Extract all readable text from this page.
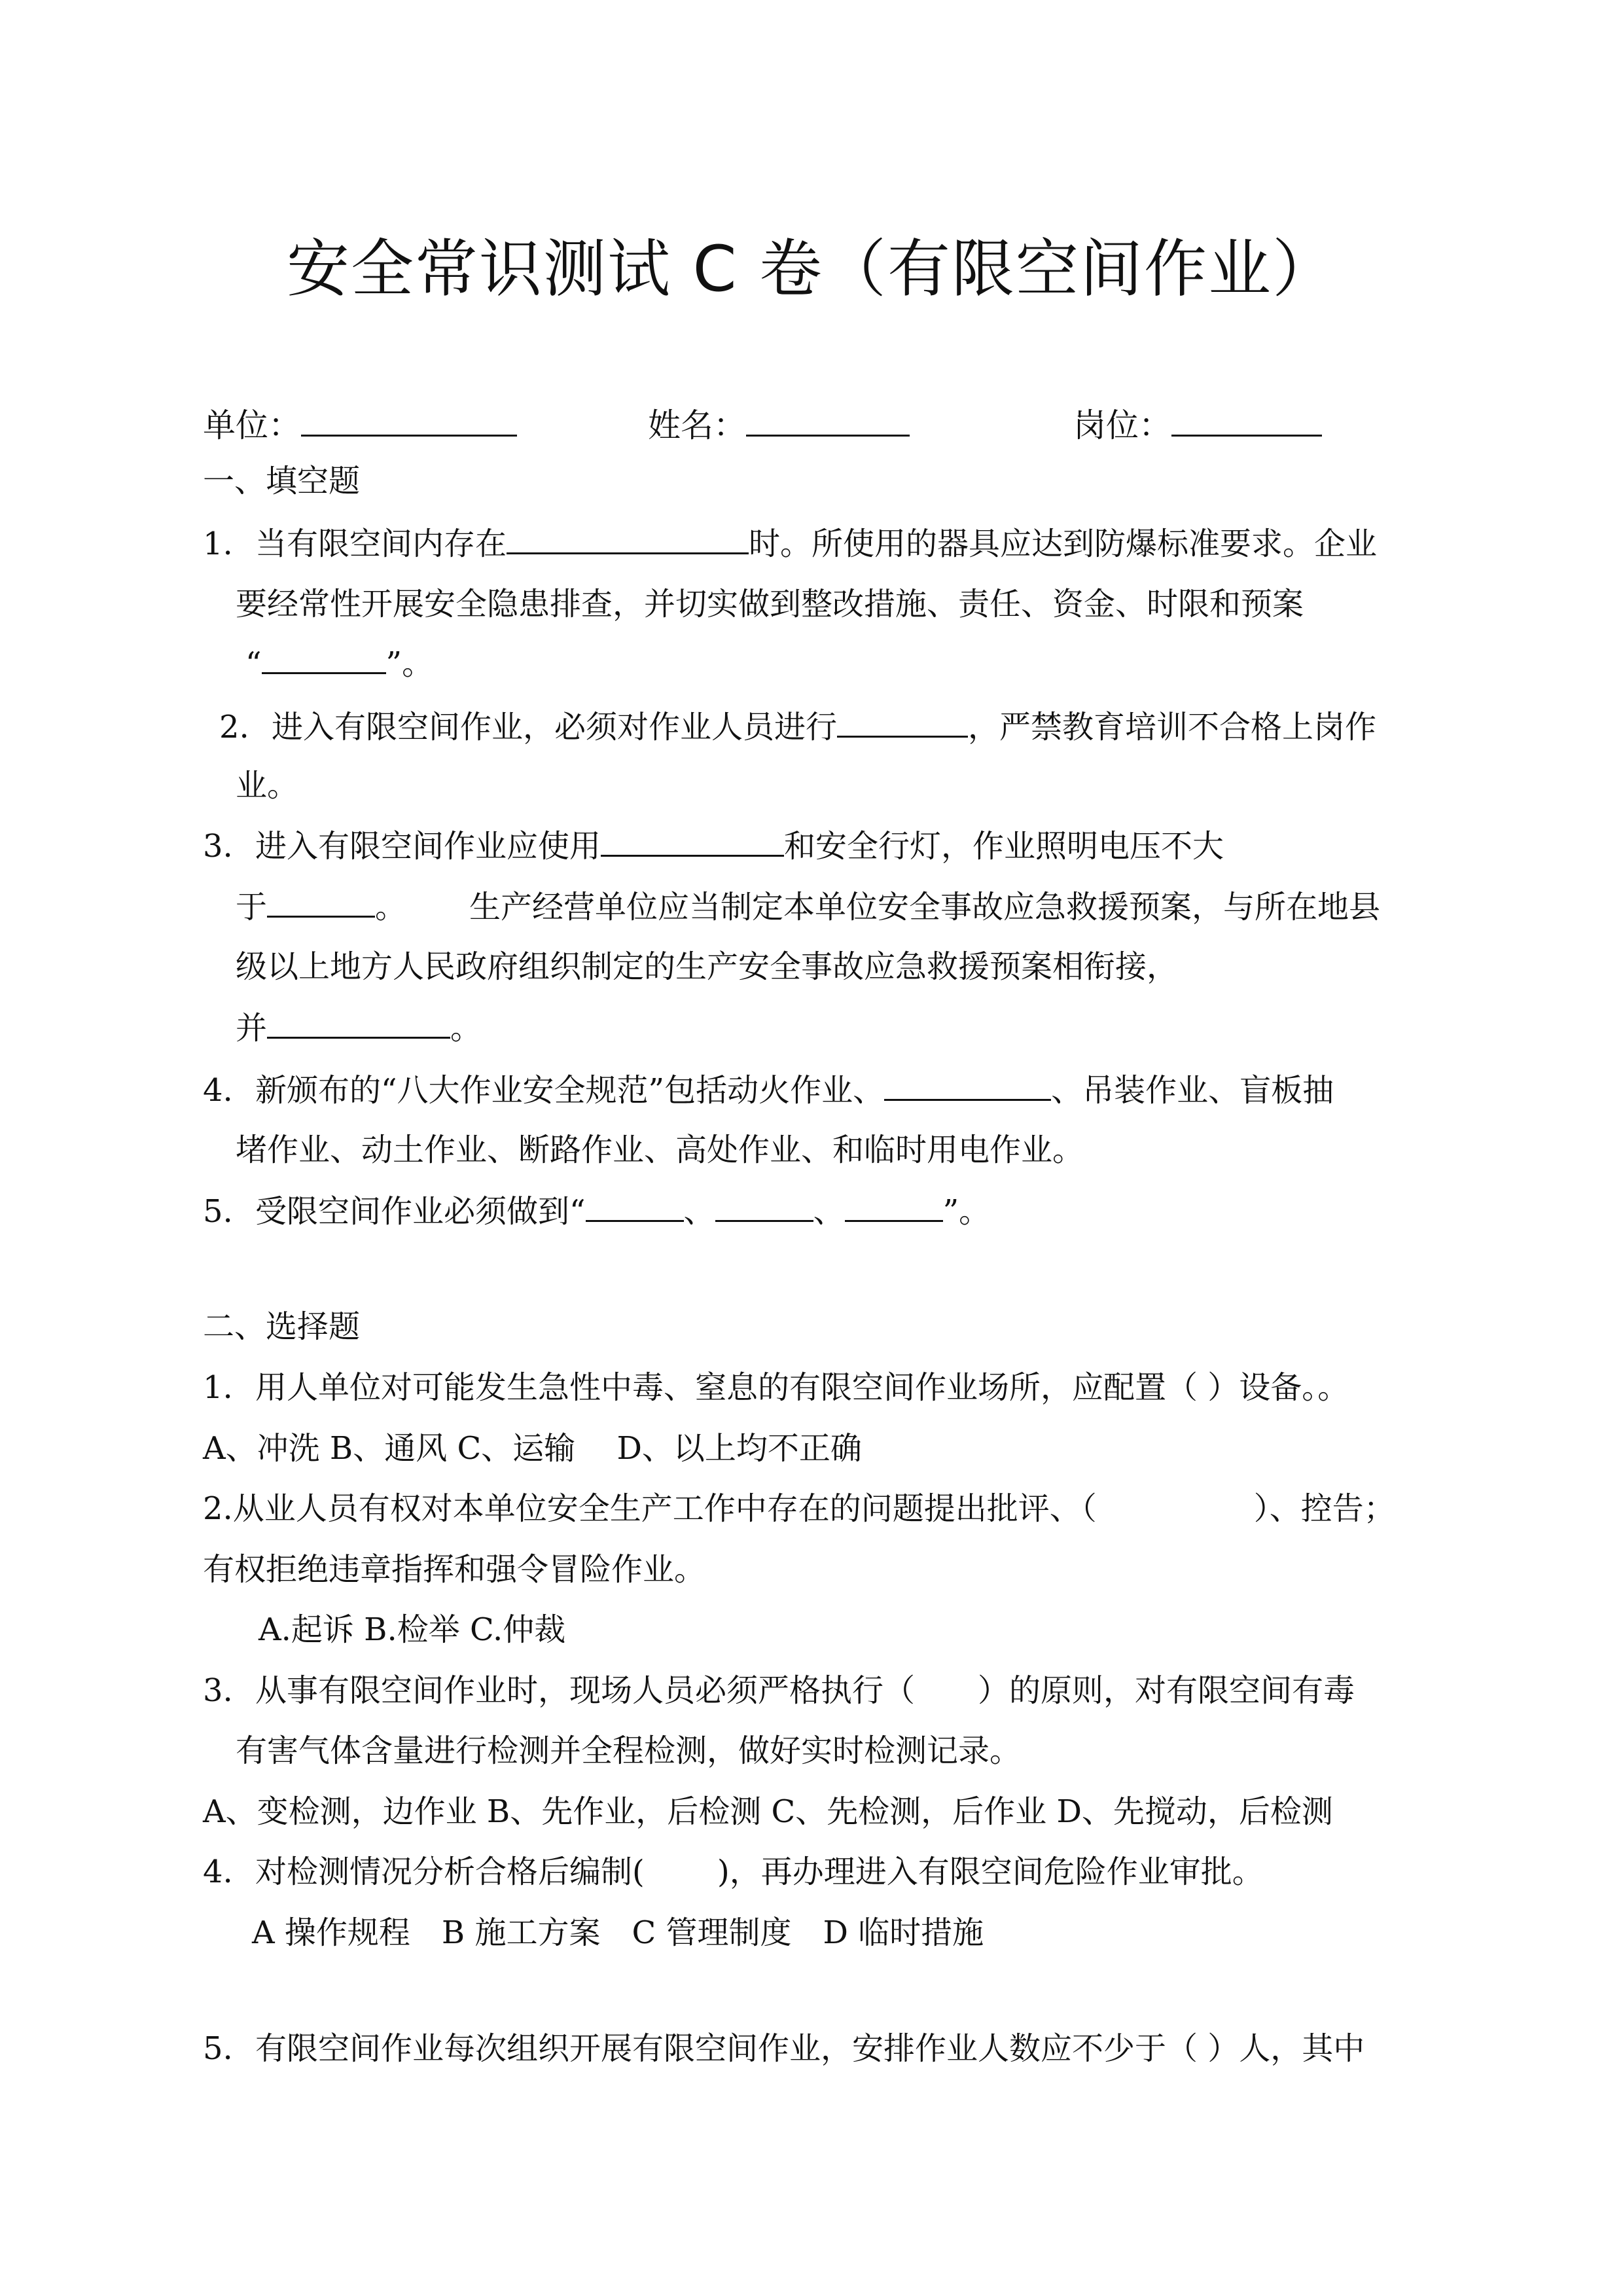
安全常识测试 C 卷（有限空间作业）
单位：	姓名：	岗位：
一、填空题
1. 当有限空间内存在	时。所使用的器具应达到防爆标准要求。企业
要经常性开展安全隐患排查，并切实做到整改措施、责任、资金、时限和预案
“	”。
2. 进入有限空间作业，必须对作业人员进行	，严禁教育培训不合格上岗作
业。
3. 进入有限空间作业应使用	和安全行灯，作业照明电压不大
于	。 生产经营单位应当制定本单位安全事故应急救援预案，与所在地县
级以上地方人民政府组织制定的生产安全事故应急救援预案相衔接，
并	。
4. 新颁布的“八大作业安全规范”包括动火作业、	、吊装作业、盲板抽
堵作业、动土作业、断路作业、高处作业、和临时用电作业。
5. 受限空间作业必须做到“	、	、	”。
二、选择题
1. 用人单位对可能发生急性中毒、窒息的有限空间作业场所，应配置（ ）设备。。
A、冲洗 B、通风 C、运输 　D、以上均不正确
2.从业人员有权对本单位安全生产工作中存在的问题提出批评、（　　　　　）、控告；
有权拒绝违章指挥和强令冒险作业。
A.起诉 B.检举 C.仲裁
3. 从事有限空间作业时，现场人员必须严格执行（　　）的原则，对有限空间有毒
有害气体含量进行检测并全程检测，做好实时检测记录。
A、变检测，边作业 B、先作业，后检测 C、先检测，后作业 D、先搅动，后检测
4. 对检测情况分析合格后编制(　　 )，再办理进入有限空间危险作业审批。
A 操作规程　B 施工方案　C 管理制度　D 临时措施
5. 有限空间作业每次组织开展有限空间作业，安排作业人数应不少于（ ）人，其中
